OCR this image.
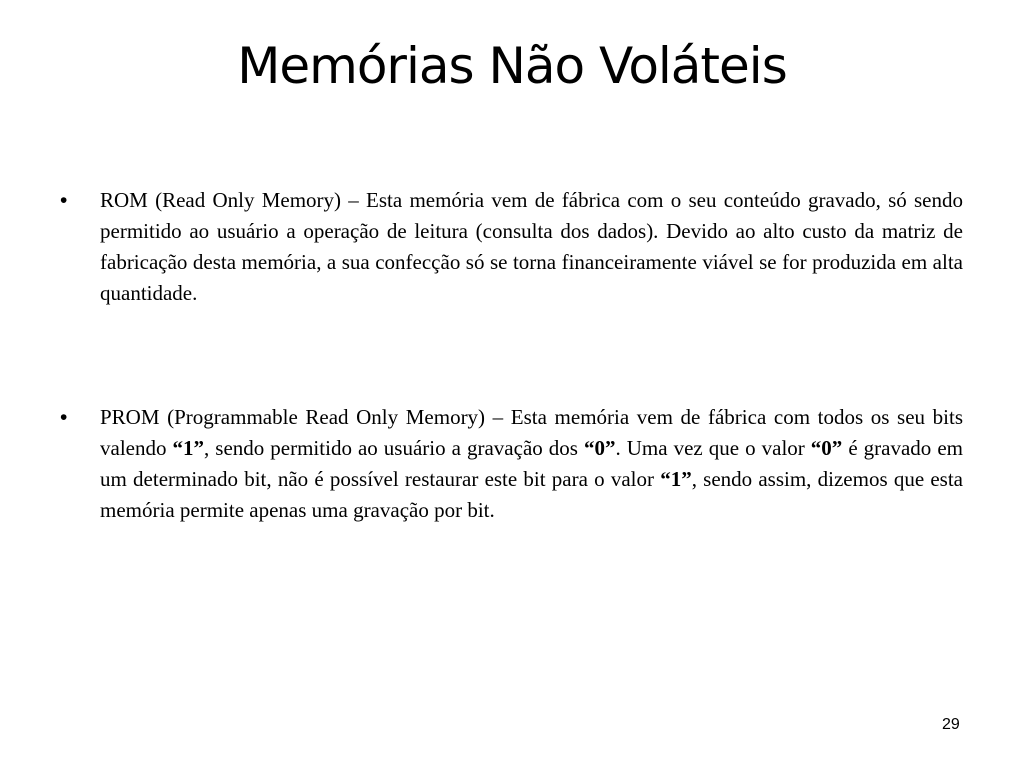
Memórias Não Voláteis
• ROM (Read Only Memory) – Esta memória vem de fábrica com o seu conteúdo gravado, só sendo permitido ao usuário a operação de leitura (consulta dos dados). Devido ao alto custo da matriz de fabricação desta memória, a sua confecção só se torna financeiramente viável se for produzida em alta quantidade.
• PROM (Programmable Read Only Memory) – Esta memória vem de fábrica com todos os seu bits valendo “1”, sendo permitido ao usuário a gravação dos “0”. Uma vez que o valor “0” é gravado em um determinado bit, não é possível restaurar este bit para o valor “1”, sendo assim, dizemos que esta memória permite apenas uma gravação por bit.
29
